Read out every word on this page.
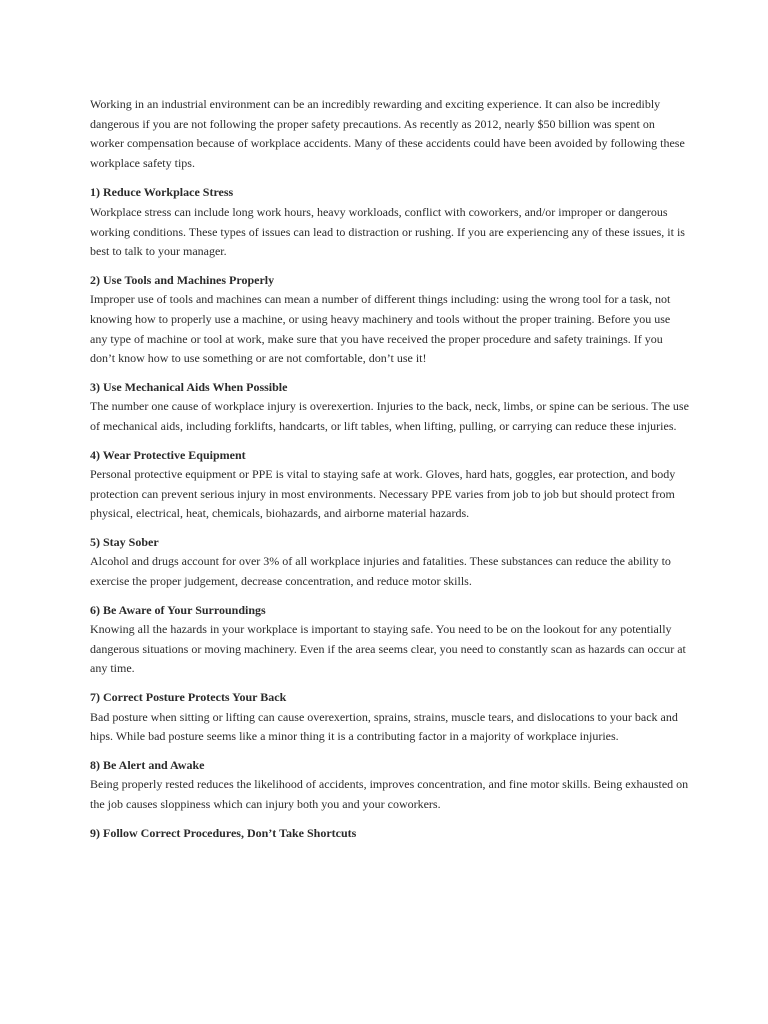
Working in an industrial environment can be an incredibly rewarding and exciting experience. It can also be incredibly dangerous if you are not following the proper safety precautions. As recently as 2012, nearly $50 billion was spent on worker compensation because of workplace accidents. Many of these accidents could have been avoided by following these workplace safety tips.

1) Reduce Workplace Stress

Workplace stress can include long work hours, heavy workloads, conflict with coworkers, and/or improper or dangerous working conditions. These types of issues can lead to distraction or rushing. If you are experiencing any of these issues, it is best to talk to your manager.

2) Use Tools and Machines Properly

Improper use of tools and machines can mean a number of different things including: using the wrong tool for a task, not knowing how to properly use a machine, or using heavy machinery and tools without the proper training. Before you use any type of machine or tool at work, make sure that you have received the proper procedure and safety trainings. If you don’t know how to use something or are not comfortable, don’t use it!

3) Use Mechanical Aids When Possible

The number one cause of workplace injury is overexertion. Injuries to the back, neck, limbs, or spine can be serious. The use of mechanical aids, including forklifts, handcarts, or lift tables, when lifting, pulling, or carrying can reduce these injuries.

4) Wear Protective Equipment

Personal protective equipment or PPE is vital to staying safe at work. Gloves, hard hats, goggles, ear protection, and body protection can prevent serious injury in most environments. Necessary PPE varies from job to job but should protect from physical, electrical, heat, chemicals, biohazards, and airborne material hazards.

5) Stay Sober

Alcohol and drugs account for over 3% of all workplace injuries and fatalities. These substances can reduce the ability to exercise the proper judgement, decrease concentration, and reduce motor skills.

6) Be Aware of Your Surroundings

Knowing all the hazards in your workplace is important to staying safe. You need to be on the lookout for any potentially dangerous situations or moving machinery. Even if the area seems clear, you need to constantly scan as hazards can occur at any time.

7) Correct Posture Protects Your Back

Bad posture when sitting or lifting can cause overexertion, sprains, strains, muscle tears, and dislocations to your back and hips. While bad posture seems like a minor thing it is a contributing factor in a majority of workplace injuries.

8) Be Alert and Awake

Being properly rested reduces the likelihood of accidents, improves concentration, and fine motor skills. Being exhausted on the job causes sloppiness which can injury both you and your coworkers.

9) Follow Correct Procedures, Don’t Take Shortcuts
